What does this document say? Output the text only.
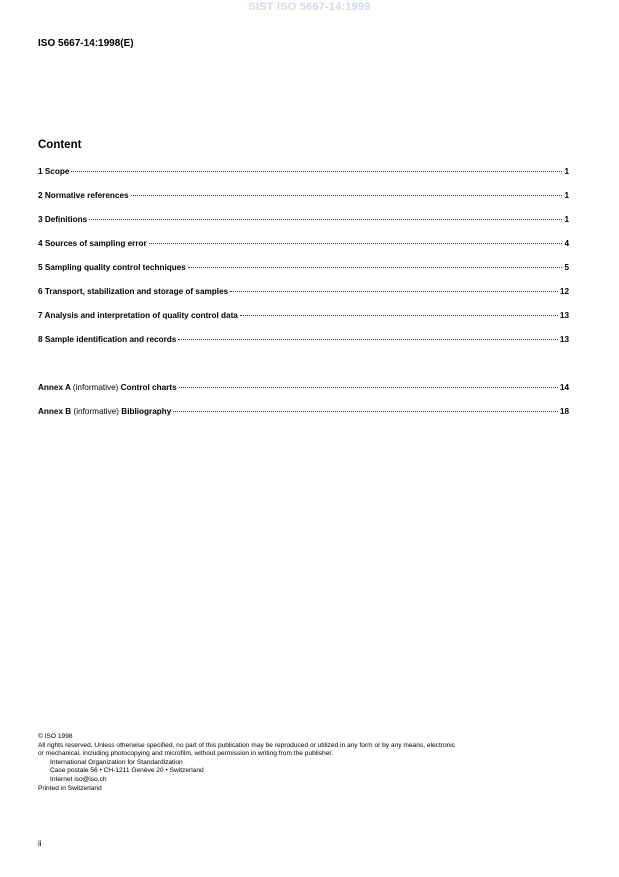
SIST ISO 5667-14:1999
ISO 5667-14:1998(E)
Content
1 Scope	1
2 Normative references	1
3 Definitions	1
4 Sources of sampling error	4
5 Sampling quality control techniques	5
6 Transport, stabilization and storage of samples	12
7 Analysis and interpretation of quality control data	13
8 Sample identification and records	13
Annex A (informative) Control charts	14
Annex B (informative) Bibliography	18
© ISO 1998
All rights reserved. Unless otherwise specified, no part of this publication may be reproduced or utilized in any form or by any means, electronic
or mechanical, including photocopying and microfilm, without permission in writing from the publisher.
International Organization for Standardization
Case postale 56 • CH-1211 Genève 20 • Switzerland
Internet iso@iso.ch
Printed in Switzerland
ii
